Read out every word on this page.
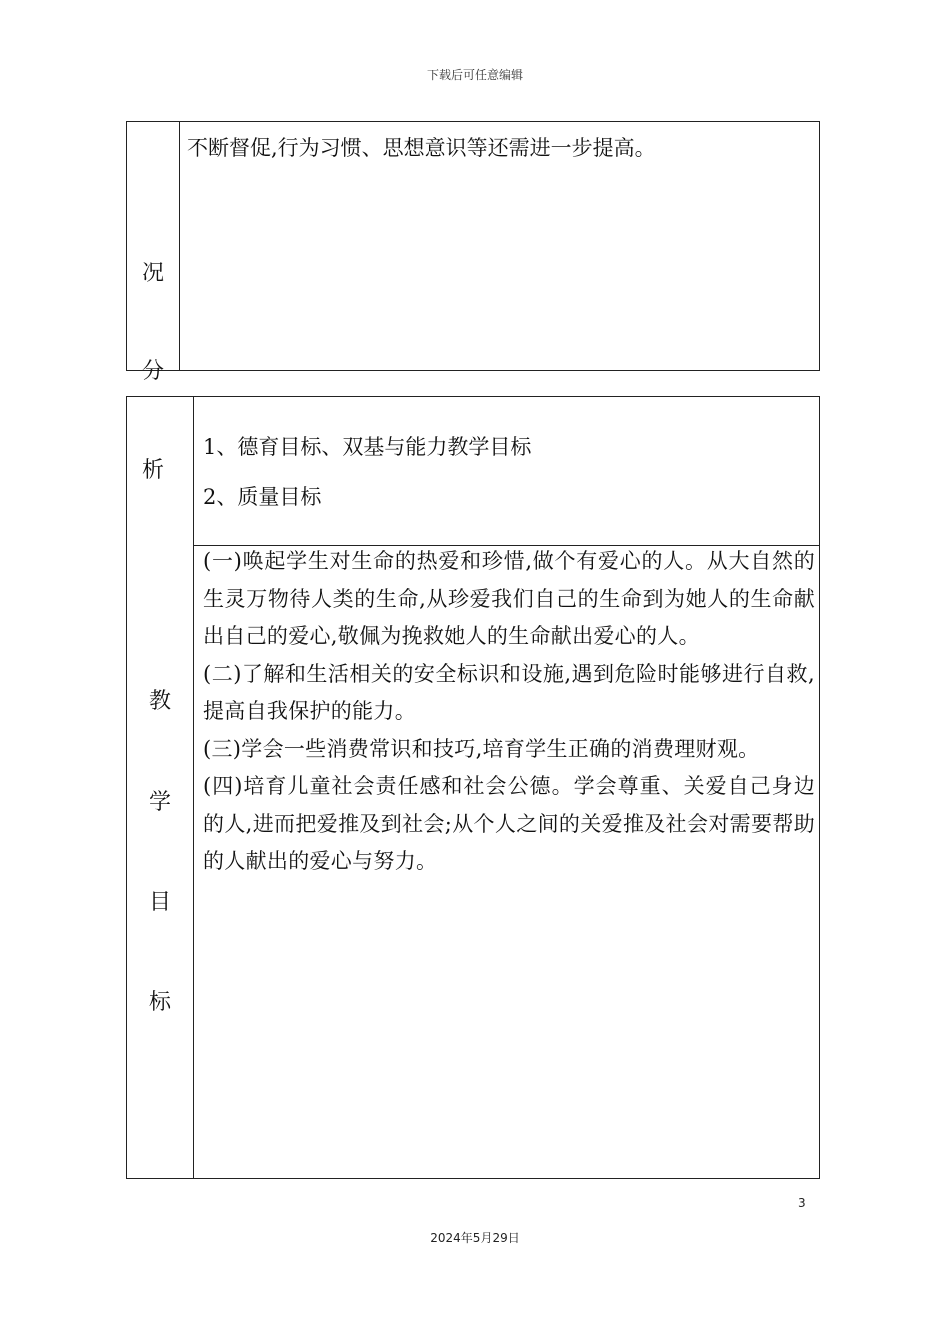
下载后可任意编辑
况
分
析
不断督促,行为习惯、思想意识等还需进一步提高。
教
学
目
标
1、德育目标、双基与能力教学目标
2、质量目标

(一)唤起学生对生命的热爱和珍惜,做个有爱心的人。从大自然的生灵万物待人类的生命,从珍爱我们自己的生命到为她人的生命献出自己的爱心,敬佩为挽救她人的生命献出爱心的人。

(二)了解和生活相关的安全标识和设施,遇到危险时能够进行自救,提高自我保护的能力。

(三)学会一些消费常识和技巧,培育学生正确的消费理财观。

(四)培育儿童社会责任感和社会公德。学会尊重、关爱自己身边的人,进而把爱推及到社会;从个人之间的关爱推及社会对需要帮助的人献出的爱心与努力。

3
2024年5月29日
